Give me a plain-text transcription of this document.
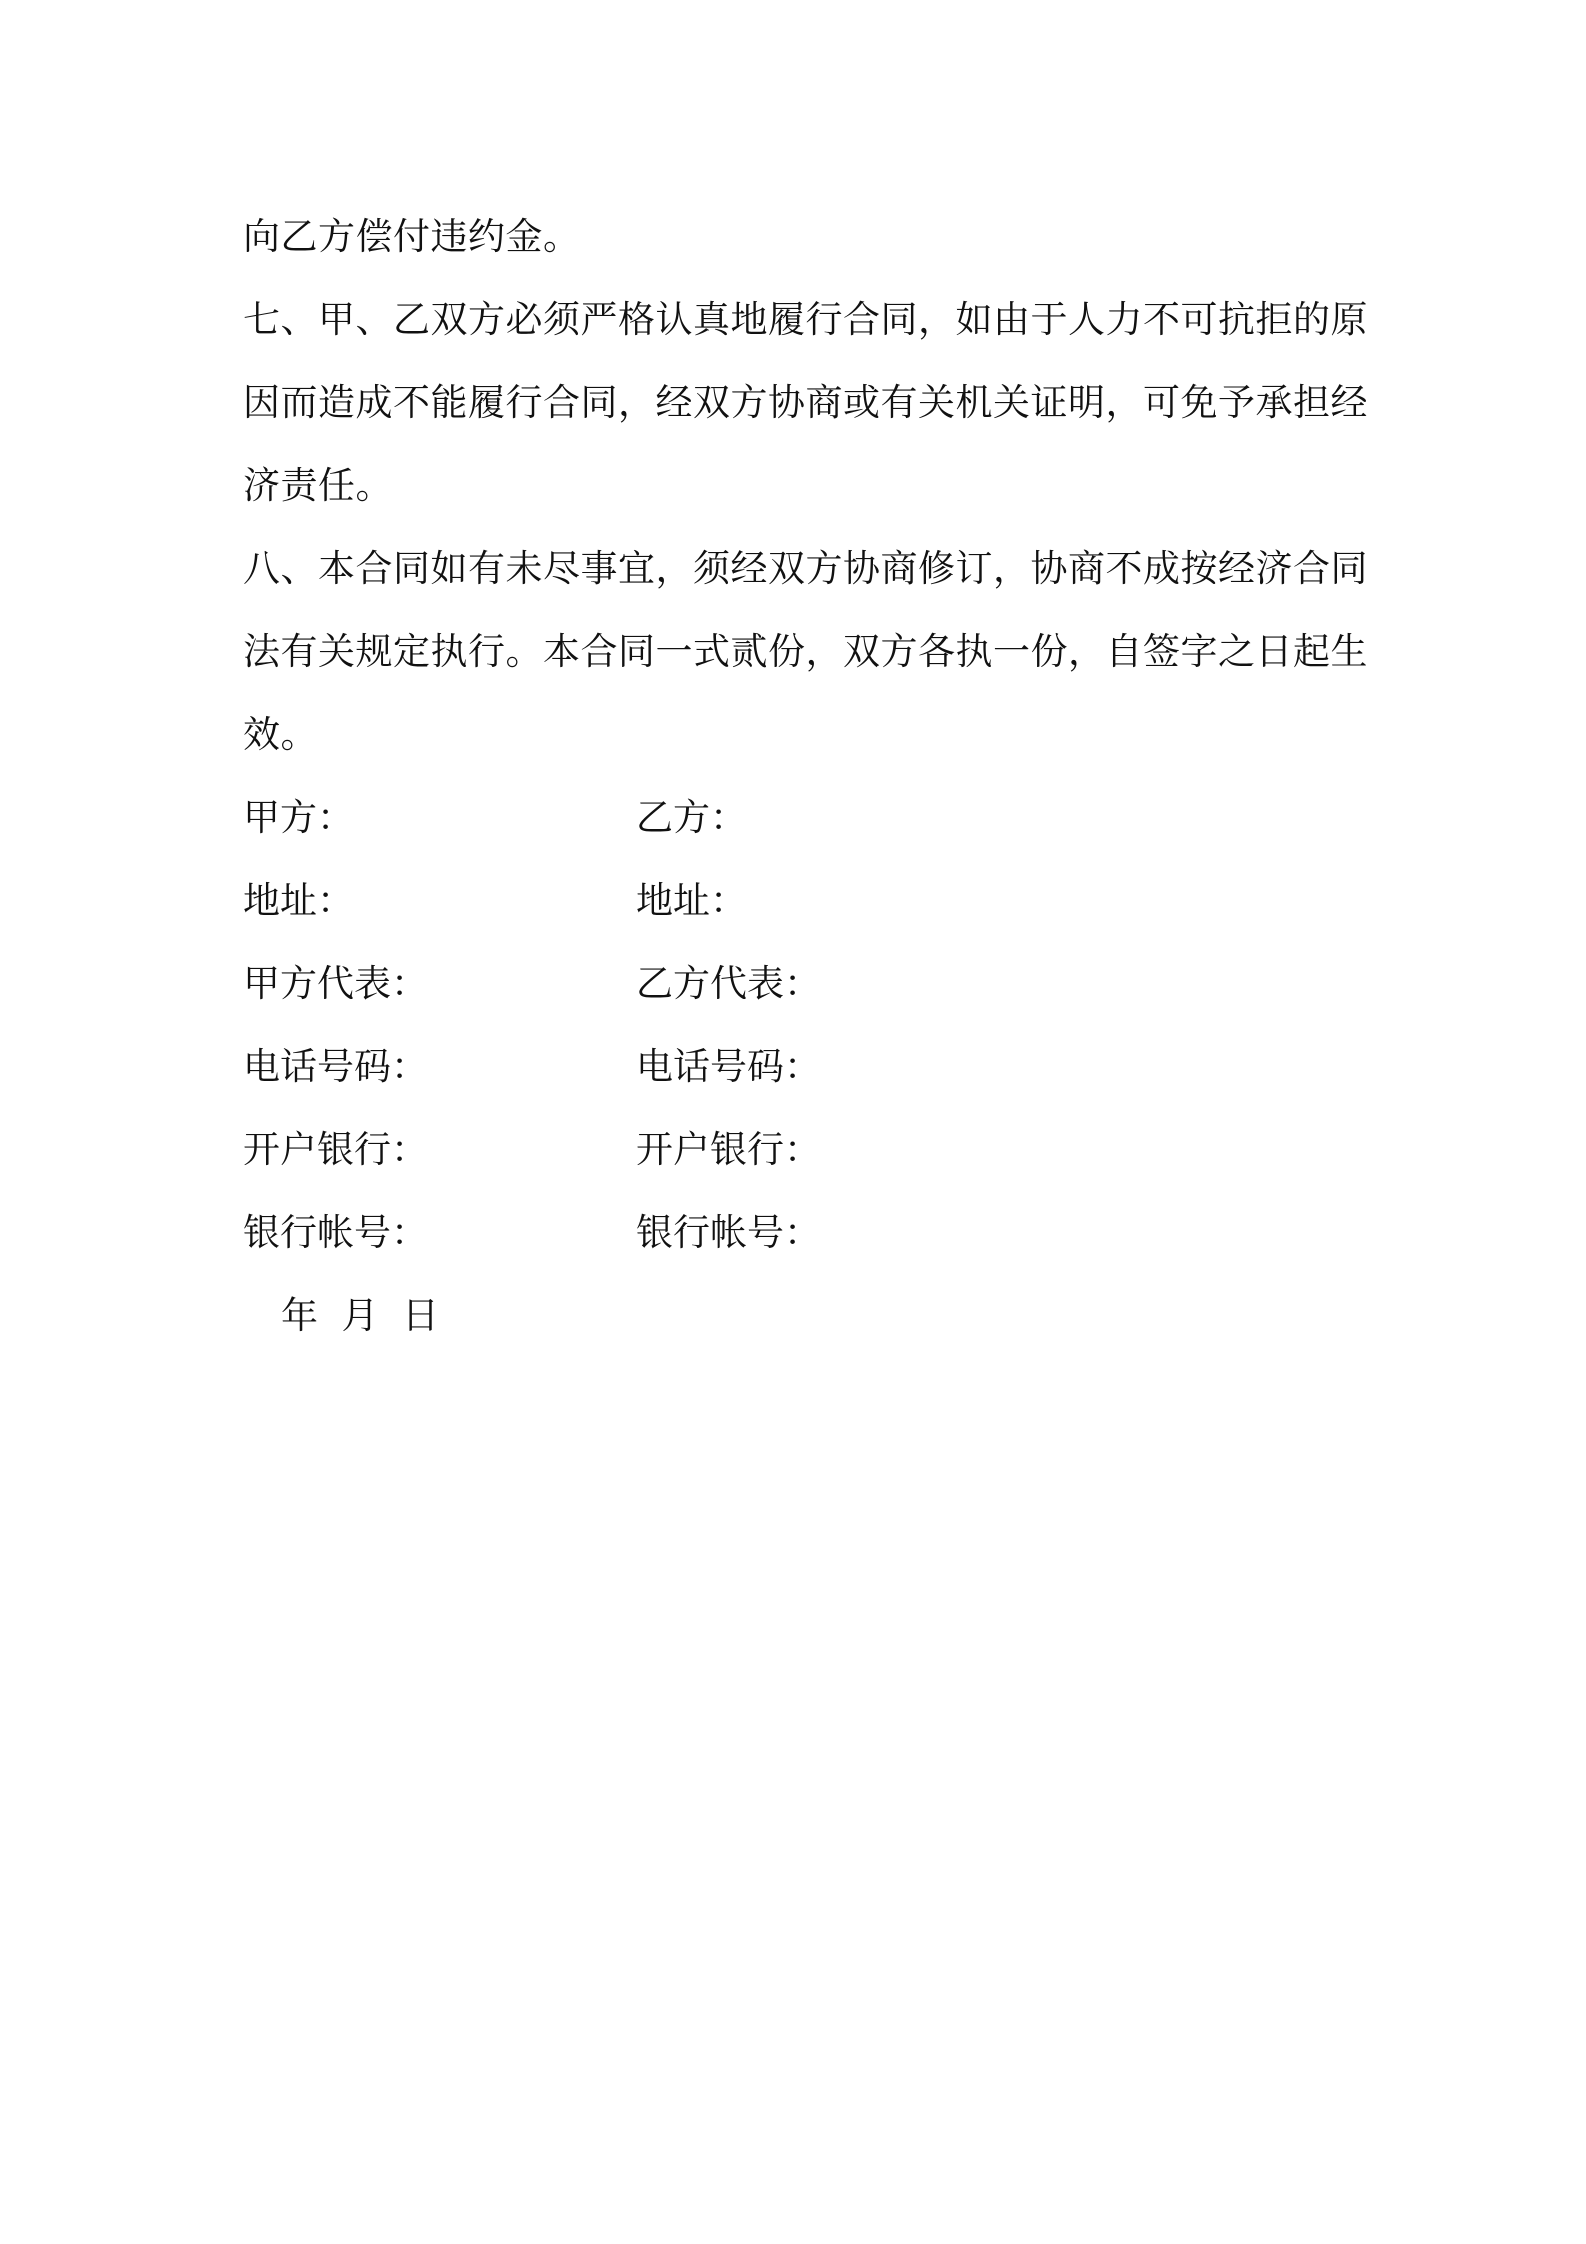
向乙方偿付违约金。
七、甲、乙双方必须严格认真地履行合同，如由于人力不可抗拒的原
因而造成不能履行合同，经双方协商或有关机关证明，可免予承担经
济责任。
八、本合同如有未尽事宜，须经双方协商修订，协商不成按经济合同
法有关规定执行。本合同一式贰份，双方各执一份，自签字之日起生
效。
甲方：	乙方：
地址：	地址：
甲方代表：	乙方代表：
电话号码：	电话号码：
开户银行：	开户银行：
银行帐号：	银行帐号：
年  月  日
